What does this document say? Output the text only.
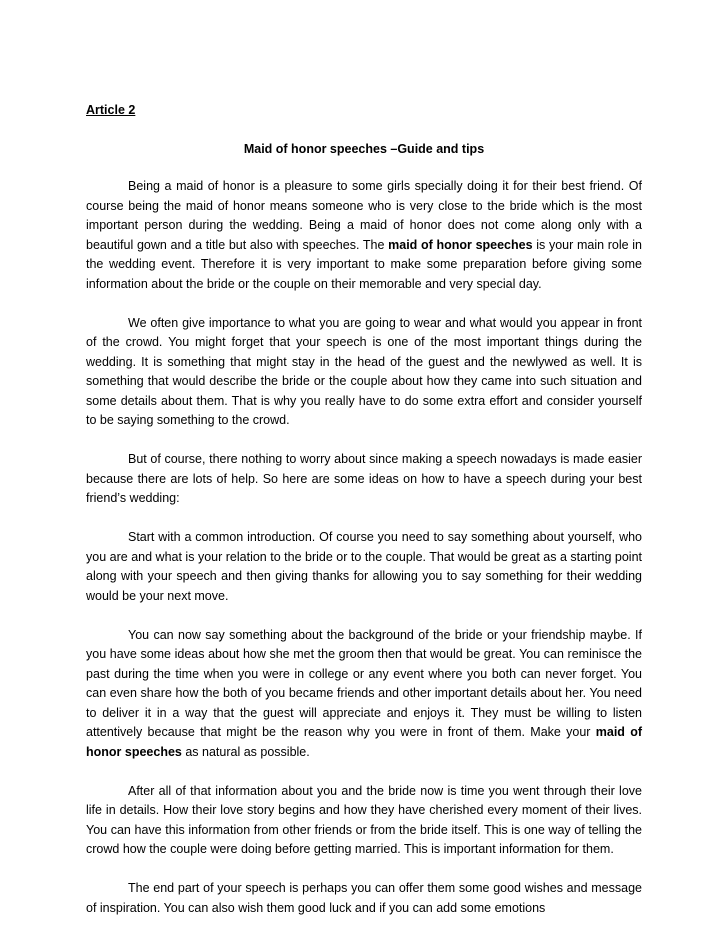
Article 2

Maid of honor speeches –Guide and tips

Being a maid of honor is a pleasure to some girls specially doing it for their best friend. Of course being the maid of honor means someone who is very close to the bride which is the most important person during the wedding. Being a maid of honor does not come along only with a beautiful gown and a title but also with speeches. The maid of honor speeches is your main role in the wedding event. Therefore it is very important to make some preparation before giving some information about the bride or the couple on their memorable and very special day.

We often give importance to what you are going to wear and what would you appear in front of the crowd. You might forget that your speech is one of the most important things during the wedding. It is something that might stay in the head of the guest and the newlywed as well. It is something that would describe the bride or the couple about how they came into such situation and some details about them. That is why you really have to do some extra effort and consider yourself to be saying something to the crowd.

But of course, there nothing to worry about since making a speech nowadays is made easier because there are lots of help. So here are some ideas on how to have a speech during your best friend’s wedding:

Start with a common introduction. Of course you need to say something about yourself, who you are and what is your relation to the bride or to the couple. That would be great as a starting point along with your speech and then giving thanks for allowing you to say something for their wedding would be your next move.

You can now say something about the background of the bride or your friendship maybe. If you have some ideas about how she met the groom then that would be great. You can reminisce the past during the time when you were in college or any event where you both can never forget. You can even share how the both of you became friends and other important details about her. You need to deliver it in a way that the guest will appreciate and enjoys it. They must be willing to listen attentively because that might be the reason why you were in front of them. Make your maid of honor speeches as natural as possible.

After all of that information about you and the bride now is time you went through their love life in details. How their love story begins and how they have cherished every moment of their lives. You can have this information from other friends or from the bride itself. This is one way of telling the crowd how the couple were doing before getting married. This is important information for them.

The end part of your speech is perhaps you can offer them some good wishes and message of inspiration. You can also wish them good luck and if you can add some emotions
